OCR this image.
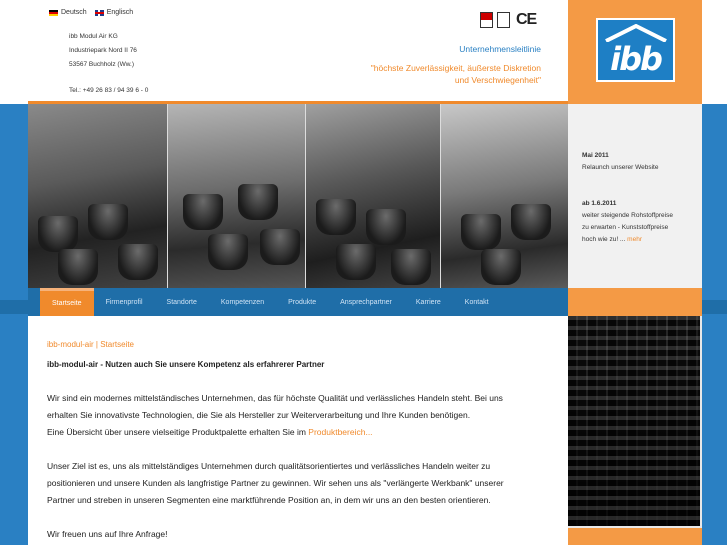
Deutsch	Englisch
ibb Modul Air KG
Industriepark Nord II 76
53567 Buchholz (Ww.)
Tel.: +49 26 83 / 94 39 6 - 0
CE
Unternehmensleitlinie
"höchste Zuverlässigkeit, äußerste Diskretion
und Verschwiegenheit"
ibb
Mai 2011
Relaunch unserer Website
ab 1.6.2011
weiter steigende Rohstoffpreise
zu erwarten - Kunststoffpreise
hoch wie zu! ... mehr
Startseite	Firmenprofil	Standorte	Kompetenzen	Produkte	Ansprechpartner	Karriere	Kontakt
ibb-modul-air | Startseite
ibb-modul-air - Nutzen auch Sie unsere Kompetenz als erfahrerer Partner

Wir sind ein modernes mittelständisches Unternehmen, das für höchste Qualität und verlässliches Handeln steht. Bei uns
erhalten Sie innovativste Technologien, die Sie als Hersteller zur Weiterverarbeitung und Ihre Kunden benötigen.
Eine Übersicht über unsere vielseitige Produktpalette erhalten Sie im Produktbereich...

Unser Ziel ist es, uns als mittelständiges Unternehmen durch qualitätsorientiertes und verlässliches Handeln weiter zu
positionieren und unsere Kunden als langfristige Partner zu gewinnen. Wir sehen uns als "verlängerte Werkbank" unserer
Partner und streben in unseren Segmenten eine marktführende Position an, in dem wir uns an den besten orientieren.

Wir freuen uns auf Ihre Anfrage!
